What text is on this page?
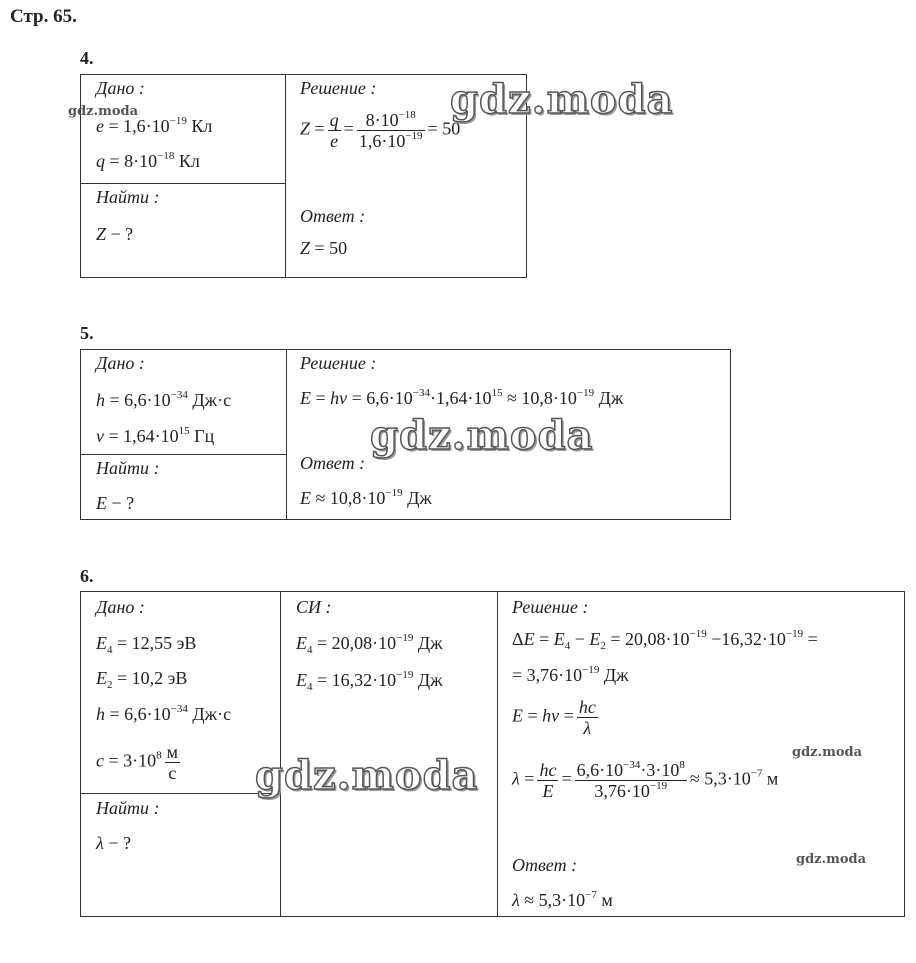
Стр. 65.
4.
Дано :
$e = 1,6\cdot 10^{-19}$ Кл
$q = 8\cdot 10^{-18}$ Кл
Найти :
Z − ?
Решение :
$Z = \frac{q}{e} = \frac{8\cdot 10^{-18}}{1,6\cdot 10^{-19}} = 50$
Ответ :
Z = 50
gdz.moda	gdz.moda
5.
Дано :
$h = 6,6\cdot 10^{-34}$ Дж·с
$\nu = 1,64\cdot 10^{15}$ Гц
Найти :
E − ?
Решение :
$E = h\nu = 6,6\cdot 10^{-34}\cdot 1,64\cdot 10^{15} \approx 10,8\cdot 10^{-19}$ Дж
Ответ :
$E \approx 10,8\cdot 10^{-19}$ Дж
gdz.moda
6.
Дано :
$E_4 = 12,55$ эВ
$E_2 = 10,2$ эВ
$h = 6,6\cdot 10^{-34}$ Дж·с
$c = 3\cdot 10^8 \frac{м}{с}$
Найти :
λ − ?
СИ :
$E_4 = 20,08\cdot 10^{-19}$ Дж
$E_4 = 16,32\cdot 10^{-19}$ Дж
Решение :
$\Delta E = E_4 - E_2 = 20,08\cdot 10^{-19} -16,32\cdot 10^{-19}$ =
= $3,76\cdot 10^{-19}$ Дж
$E = h\nu = \frac{hc}{\lambda}$
$\lambda = \frac{hc}{E} = \frac{6,6\cdot 10^{-34}\cdot 3\cdot 10^8}{3,76\cdot 10^{-19}} \approx 5,3\cdot 10^{-7}$ м
Ответ :
$\lambda \approx 5,3\cdot 10^{-7}$ м
gdz.moda
gdz.moda
gdz.moda
